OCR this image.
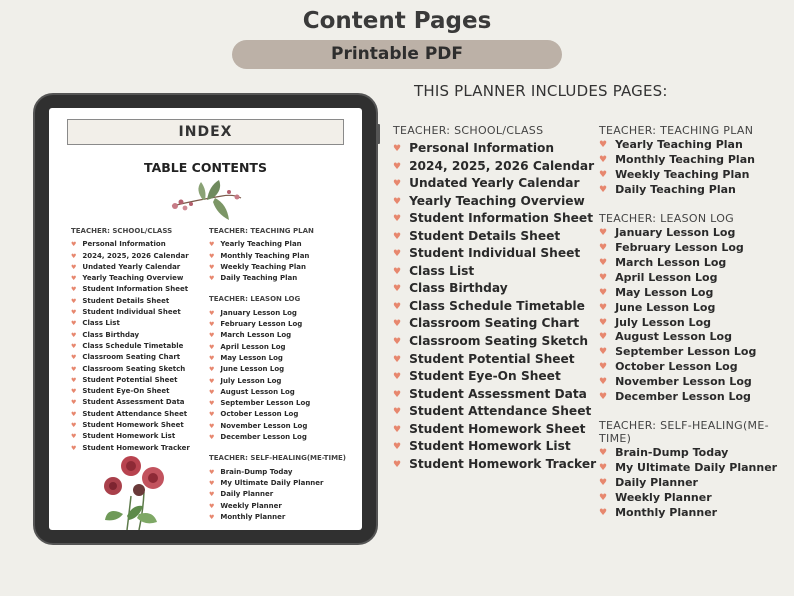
Content Pages
Printable PDF
THIS PLANNER INCLUDES PAGES:
INDEX
TABLE CONTENTS
TEACHER: SCHOOL/CLASS
♥ Personal Information
♥ 2024, 2025, 2026 Calendar
♥ Undated Yearly Calendar
♥ Yearly Teaching Overview
♥ Student Information Sheet
♥ Student Details Sheet
♥ Student Individual Sheet
♥ Class List
♥ Class Birthday
♥ Class Schedule Timetable
♥ Classroom Seating Chart
♥ Classroom Seating Sketch
♥ Student Potential Sheet
♥ Student Eye-On Sheet
♥ Student Assessment Data
♥ Student Attendance Sheet
♥ Student Homework Sheet
♥ Student Homework List
♥ Student Homework Tracker
TEACHER: TEACHING PLAN
♥ Yearly Teaching Plan
♥ Monthly Teaching Plan
♥ Weekly Teaching Plan
♥ Daily Teaching Plan
TEACHER: LEASON LOG
♥ January Lesson Log
♥ February Lesson Log
♥ March Lesson Log
♥ April Lesson Log
♥ May Lesson Log
♥ June Lesson Log
♥ July Lesson Log
♥ August Lesson Log
♥ September Lesson Log
♥ October Lesson Log
♥ November Lesson Log
♥ December Lesson Log
TEACHER: SELF-HEALING(ME-TIME)
♥ Brain-Dump Today
♥ My Ultimate Daily Planner
♥ Daily Planner
♥ Weekly Planner
♥ Monthly Planner
TEACHER: SCHOOL/CLASS
♥ Personal Information
♥ 2024, 2025, 2026 Calendar
♥ Undated Yearly Calendar
♥ Yearly Teaching Overview
♥ Student Information Sheet
♥ Student Details Sheet
♥ Student Individual Sheet
♥ Class List
♥ Class Birthday
♥ Class Schedule Timetable
♥ Classroom Seating Chart
♥ Classroom Seating Sketch
♥ Student Potential Sheet
♥ Student Eye-On Sheet
♥ Student Assessment Data
♥ Student Attendance Sheet
♥ Student Homework Sheet
♥ Student Homework List
♥ Student Homework Tracker
TEACHER: TEACHING PLAN
♥ Yearly Teaching Plan
♥ Monthly Teaching Plan
♥ Weekly Teaching Plan
♥ Daily Teaching Plan
TEACHER: LEASON LOG
♥ January Lesson Log
♥ February Lesson Log
♥ March Lesson Log
♥ April Lesson Log
♥ May Lesson Log
♥ June Lesson Log
♥ July Lesson Log
♥ August Lesson Log
♥ September Lesson Log
♥ October Lesson Log
♥ November Lesson Log
♥ December Lesson Log
TEACHER: SELF-HEALING(ME-TIME)
♥ Brain-Dump Today
♥ My Ultimate Daily Planner
♥ Daily Planner
♥ Weekly Planner
♥ Monthly Planner
